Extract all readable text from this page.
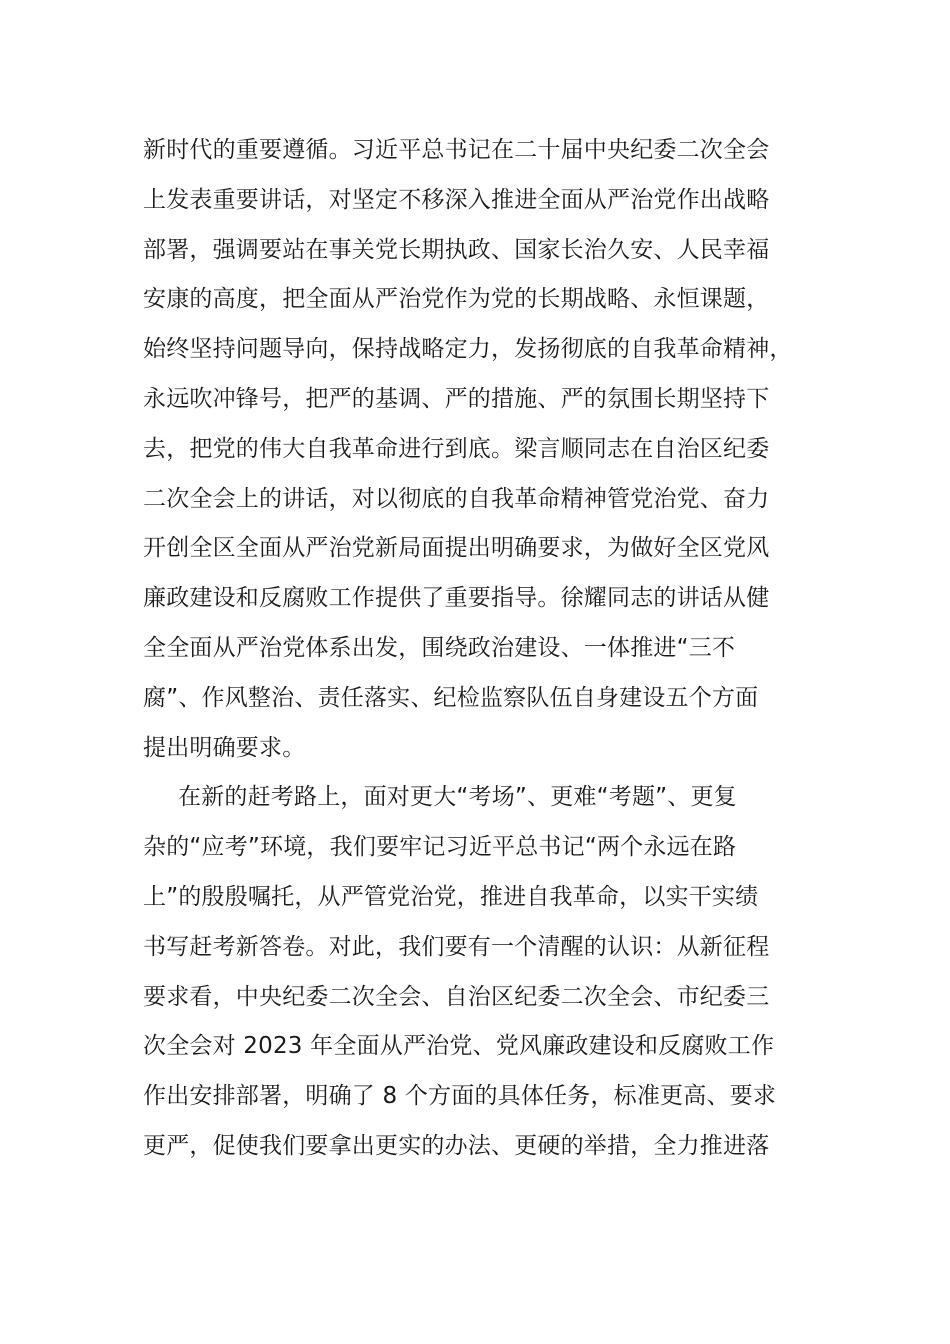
新时代的重要遵循。习近平总书记在二十届中央纪委二次全会
上发表重要讲话，对坚定不移深入推进全面从严治党作出战略
部署，强调要站在事关党长期执政、国家长治久安、人民幸福
安康的高度，把全面从严治党作为党的长期战略、永恒课题，
始终坚持问题导向，保持战略定力，发扬彻底的自我革命精神，
永远吹冲锋号，把严的基调、严的措施、严的氛围长期坚持下
去，把党的伟大自我革命进行到底。梁言顺同志在自治区纪委
二次全会上的讲话，对以彻底的自我革命精神管党治党、奋力
开创全区全面从严治党新局面提出明确要求，为做好全区党风
廉政建设和反腐败工作提供了重要指导。徐耀同志的讲话从健
全全面从严治党体系出发，围绕政治建设、一体推进“三不
腐”、作风整治、责任落实、纪检监察队伍自身建设五个方面
提出明确要求。
在新的赶考路上，面对更大“考场”、更难“考题”、更复
杂的“应考”环境，我们要牢记习近平总书记“两个永远在路
上”的殷殷嘱托，从严管党治党，推进自我革命，以实干实绩
书写赶考新答卷。对此，我们要有一个清醒的认识：从新征程
要求看，中央纪委二次全会、自治区纪委二次全会、市纪委三
次全会对 2023 年全面从严治党、党风廉政建设和反腐败工作
作出安排部署，明确了 8 个方面的具体任务，标准更高、要求
更严，促使我们要拿出更实的办法、更硬的举措，全力推进落
